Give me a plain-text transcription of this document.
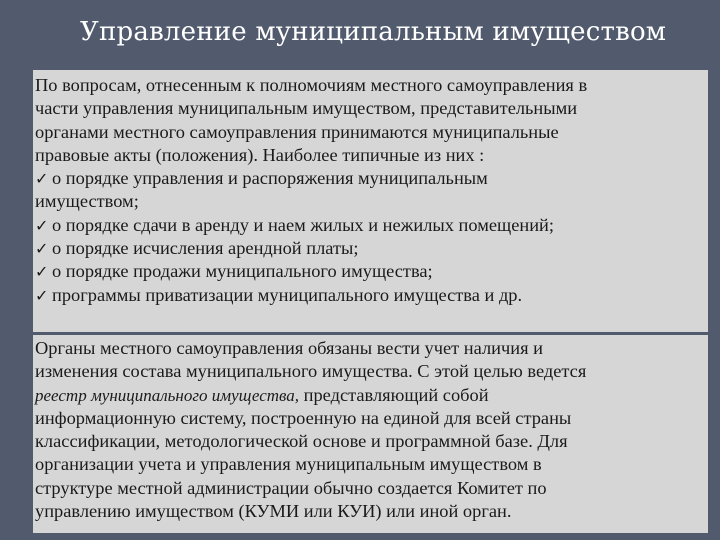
Управление муниципальным имуществом
По вопросам, отнесенным к полномочиям местного самоуправления в
части управления муниципальным имуществом, представительными
органами местного самоуправления принимаются муниципальные
правовые акты (положения). Наиболее типичные из них :
✓ о порядке управления и распоряжения муниципальным
имуществом;
✓ о порядке сдачи в аренду и наем жилых и нежилых помещений;
✓ о порядке исчисления арендной платы;
✓ о порядке продажи муниципального имущества;
✓ программы приватизации муниципального имущества и др.
Органы местного самоуправления обязаны вести учет наличия и
изменения состава муниципального имущества. С этой целью ведется
реестр муниципального имущества, представляющий собой
информационную систему, построенную на единой для всей страны
классификации, методологической основе и программной базе. Для
организации учета и управления муниципальным имуществом в
структуре местной администрации обычно создается Комитет по
управлению имуществом (КУМИ или КУИ) или иной орган.
